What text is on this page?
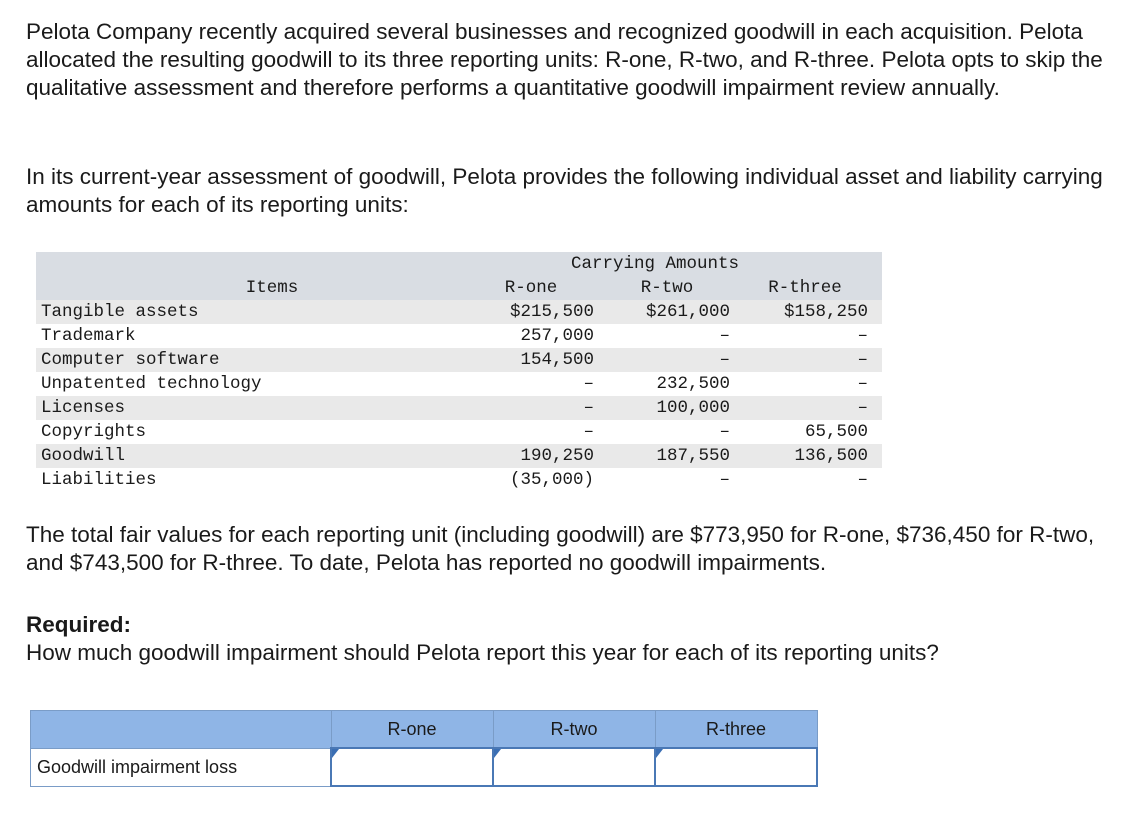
Pelota Company recently acquired several businesses and recognized goodwill in each acquisition. Pelota allocated the resulting goodwill to its three reporting units: R-one, R-two, and R-three. Pelota opts to skip the qualitative assessment and therefore performs a quantitative goodwill impairment review annually.

In its current-year assessment of goodwill, Pelota provides the following individual asset and liability carrying amounts for each of its reporting units:

	Carrying Amounts		
Items	R-one	R-two	R-three
Tangible assets	$215,500	$261,000	$158,250
Trademark	257,000	–	–
Computer software	154,500	–	–
Unpatented technology	–	232,500	–
Licenses	–	100,000	–
Copyrights	–	–	65,500
Goodwill	190,250	187,550	136,500
Liabilities	(35,000)	–	–

The total fair values for each reporting unit (including goodwill) are $773,950 for R-one, $736,450 for R-two, and $743,500 for R-three. To date, Pelota has reported no goodwill impairments.

Required:
How much goodwill impairment should Pelota report this year for each of its reporting units?
	R-one	R-two	R-three
Goodwill impairment loss	
